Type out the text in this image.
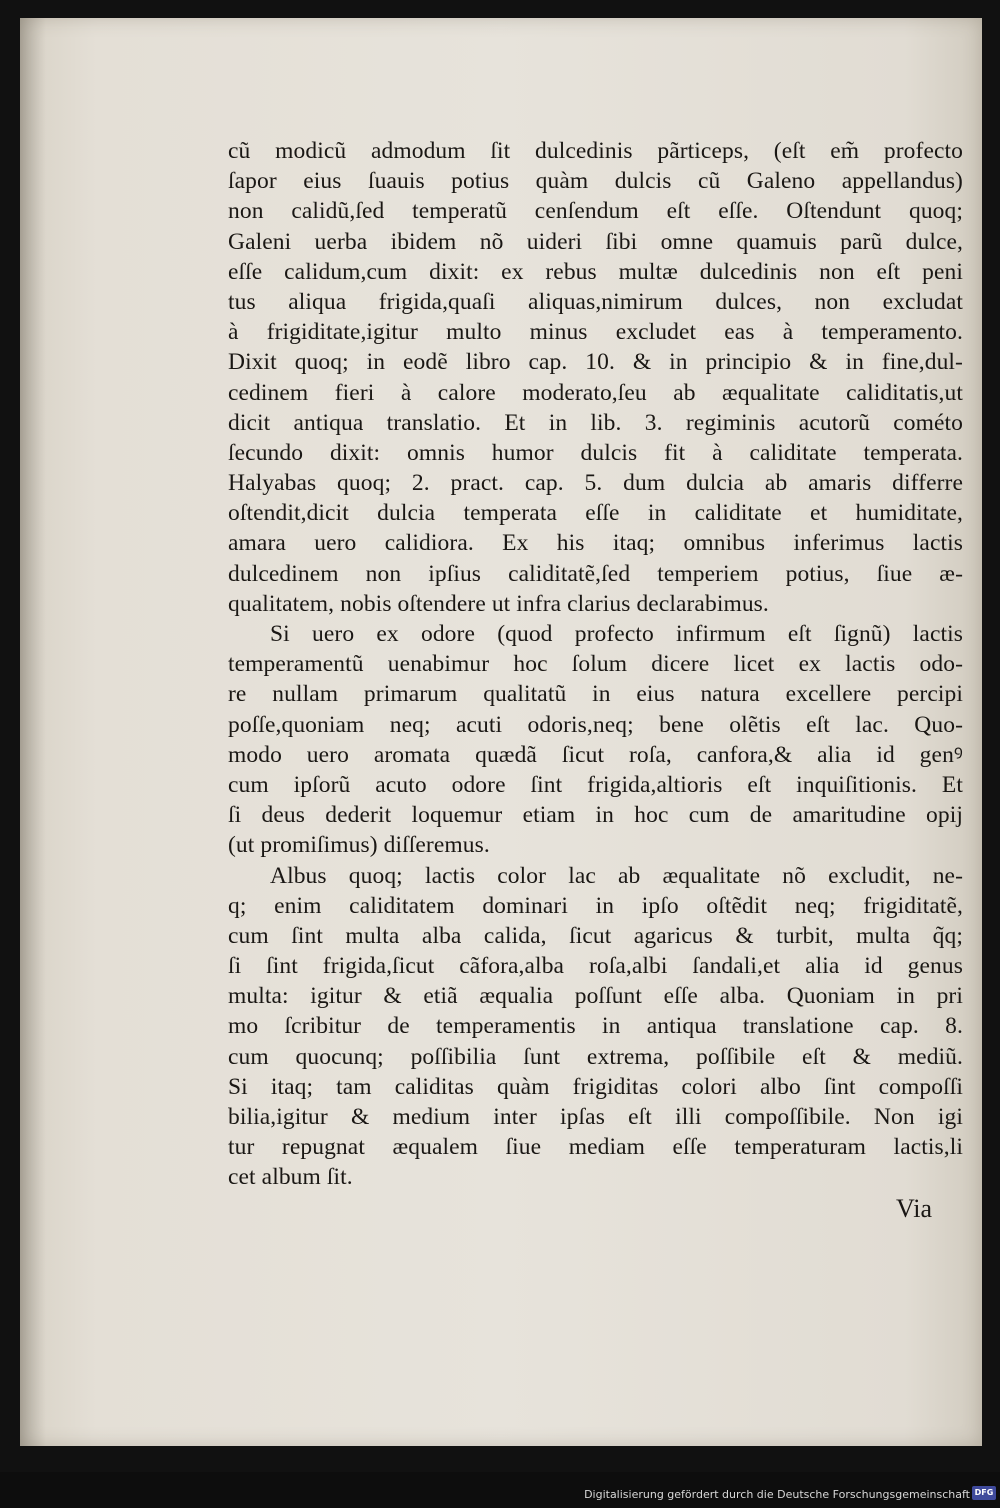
cũ modicũ admodum ſit dulcedinis pãrticeps, (eſt em̃ profecto
ſapor eius ſuauis potius quàm dulcis cũ Galeno appellandus)
non calidũ,ſed temperatũ cenſendum eſt eſſe. Oſtendunt quoq;
Galeni uerba ibidem nõ uideri ſibi omne quamuis parũ dulce,
eſſe calidum,cum dixit: ex rebus multæ dulcedinis non eſt peni
tus aliqua frigida,quaſi aliquas,nimirum dulces, non excludat
à frigiditate,igitur multo minus excludet eas à temperamento.
Dixit quoq; in eodẽ libro cap. 10. & in principio & in fine,dul-
cedinem fieri à calore moderato,ſeu ab æqualitate caliditatis,ut
dicit antiqua translatio. Et in lib. 3. regiminis acutorũ cométo
ſecundo dixit: omnis humor dulcis fit à caliditate temperata.
Halyabas quoq; 2. pract. cap. 5. dum dulcia ab amaris differre
oſtendit,dicit dulcia temperata eſſe in caliditate et humiditate,
amara uero calidiora. Ex his itaq; omnibus inferimus lactis
dulcedinem non ipſius caliditatẽ,ſed temperiem potius, ſiue æ-
qualitatem, nobis oſtendere ut infra clarius declarabimus.
Si uero ex odore (quod profecto infirmum eſt ſignũ) lactis
temperamentũ uenabimur hoc ſolum dicere licet ex lactis odo-
re nullam primarum qualitatũ in eius natura excellere percipi
poſſe,quoniam neq; acuti odoris,neq; bene olẽtis eſt lac. Quo-
modo uero aromata quædã ſicut roſa, canfora,& alia id genꝰ
cum ipſorũ acuto odore ſint frigida,altioris eſt inquiſitionis. Et
ſi deus dederit loquemur etiam in hoc cum de amaritudine opij
(ut promiſimus) diſſeremus.
Albus quoq; lactis color lac ab æqualitate nõ excludit, ne-
q; enim caliditatem dominari in ipſo oſtẽdit neq; frigiditatẽ,
cum ſint multa alba calida, ſicut agaricus & turbit, multa q̃q;
ſi ſint frigida,ſicut cãfora,alba roſa,albi ſandali,et alia id genus
multa: igitur & etiã æqualia poſſunt eſſe alba. Quoniam in pri
mo ſcribitur de temperamentis in antiqua translatione cap. 8.
cum quocunq; poſſibilia ſunt extrema, poſſibile eſt & mediũ.
Si itaq; tam caliditas quàm frigiditas colori albo ſint compoſſi
bilia,igitur & medium inter ipſas eſt illi compoſſibile. Non igi
tur repugnat æqualem ſiue mediam eſſe temperaturam lactis,li
cet album ſit.
Via
Digitalisierung gefördert durch die Deutsche Forschungsgemeinschaft DFG
